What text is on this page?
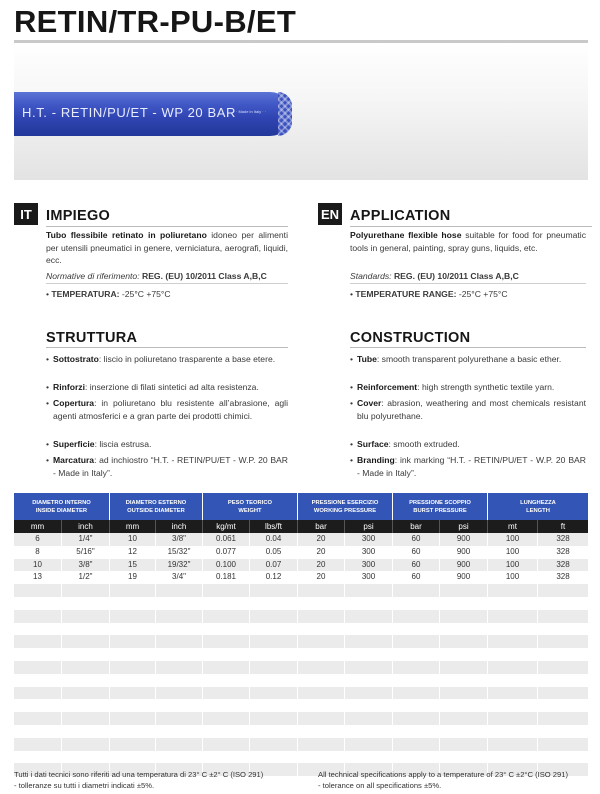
RETIN/TR-PU-B/ET
H.T. - RETIN/PU/ET - WP 20 BAR · Made in Italy · ·
IT IMPIEGO
Tubo flessibile retinato in poliuretano idoneo per alimenti per utensili pneumatici in genere, verniciatura, aerografi, liquidi, ecc.
Normative di riferimento: REG. (EU) 10/2011 Class A,B,C
• TEMPERATURA: -25°C +75°C
STRUTTURA
• Sottostrato: liscio in poliuretano trasparente a base etere.
• Rinforzi: inserzione di filati sintetici ad alta resistenza.
• Copertura: in poliuretano blu resistente all’abrasione, agli agenti atmosferici e a gran parte dei prodotti chimici.
• Superficie: liscia estrusa.
• Marcatura: ad inchiostro “H.T. - RETIN/PU/ET - W.P. 20 BAR - Made in Italy”.
EN APPLICATION
Polyurethane flexible hose suitable for food for pneumatic tools in general, painting, spray guns, liquids, etc.
Standards: REG. (EU) 10/2011 Class A,B,C
• TEMPERATURE RANGE: -25°C +75°C
CONSTRUCTION
• Tube: smooth transparent polyurethane a basic ether.
• Reinforcement: high strength synthetic textile yarn.
• Cover: abrasion, weathering and most chemicals resistant blu polyurethane.
• Surface: smooth extruded.
• Branding: ink marking “H.T. - RETIN/PU/ET - W.P. 20 BAR - Made in Italy”.
DIAMETRO INTERNO
INSIDE DIAMETER
DIAMETRO ESTERNO
OUTSIDE DIAMETER
PESO TEORICO
WEIGHT
PRESSIONE ESERCIZIO
WORKING PRESSURE
PRESSIONE SCOPPIO
BURST PRESSURE
LUNGHEZZA
LENGTH
mm	inch	mm	inch	kg/mt	lbs/ft	bar	psi	bar	psi	mt	ft
6	1/4"	10	3/8"	0.061	0.04	20	300	60	900	100	328
8	5/16"	12	15/32"	0.077	0.05	20	300	60	900	100	328
10	3/8"	15	19/32"	0.100	0.07	20	300	60	900	100	328
13	1/2"	19	3/4"	0.181	0.12	20	300	60	900	100	328
Tutti i dati tecnici sono riferiti ad una temperatura di 23° C ±2° C (ISO 291)
- tolleranze su tutti i diametri indicati ±5%.
All technical specifications apply to a temperature of 23° C ±2°C (ISO 291)
- tolerance on all specifications ±5%.
